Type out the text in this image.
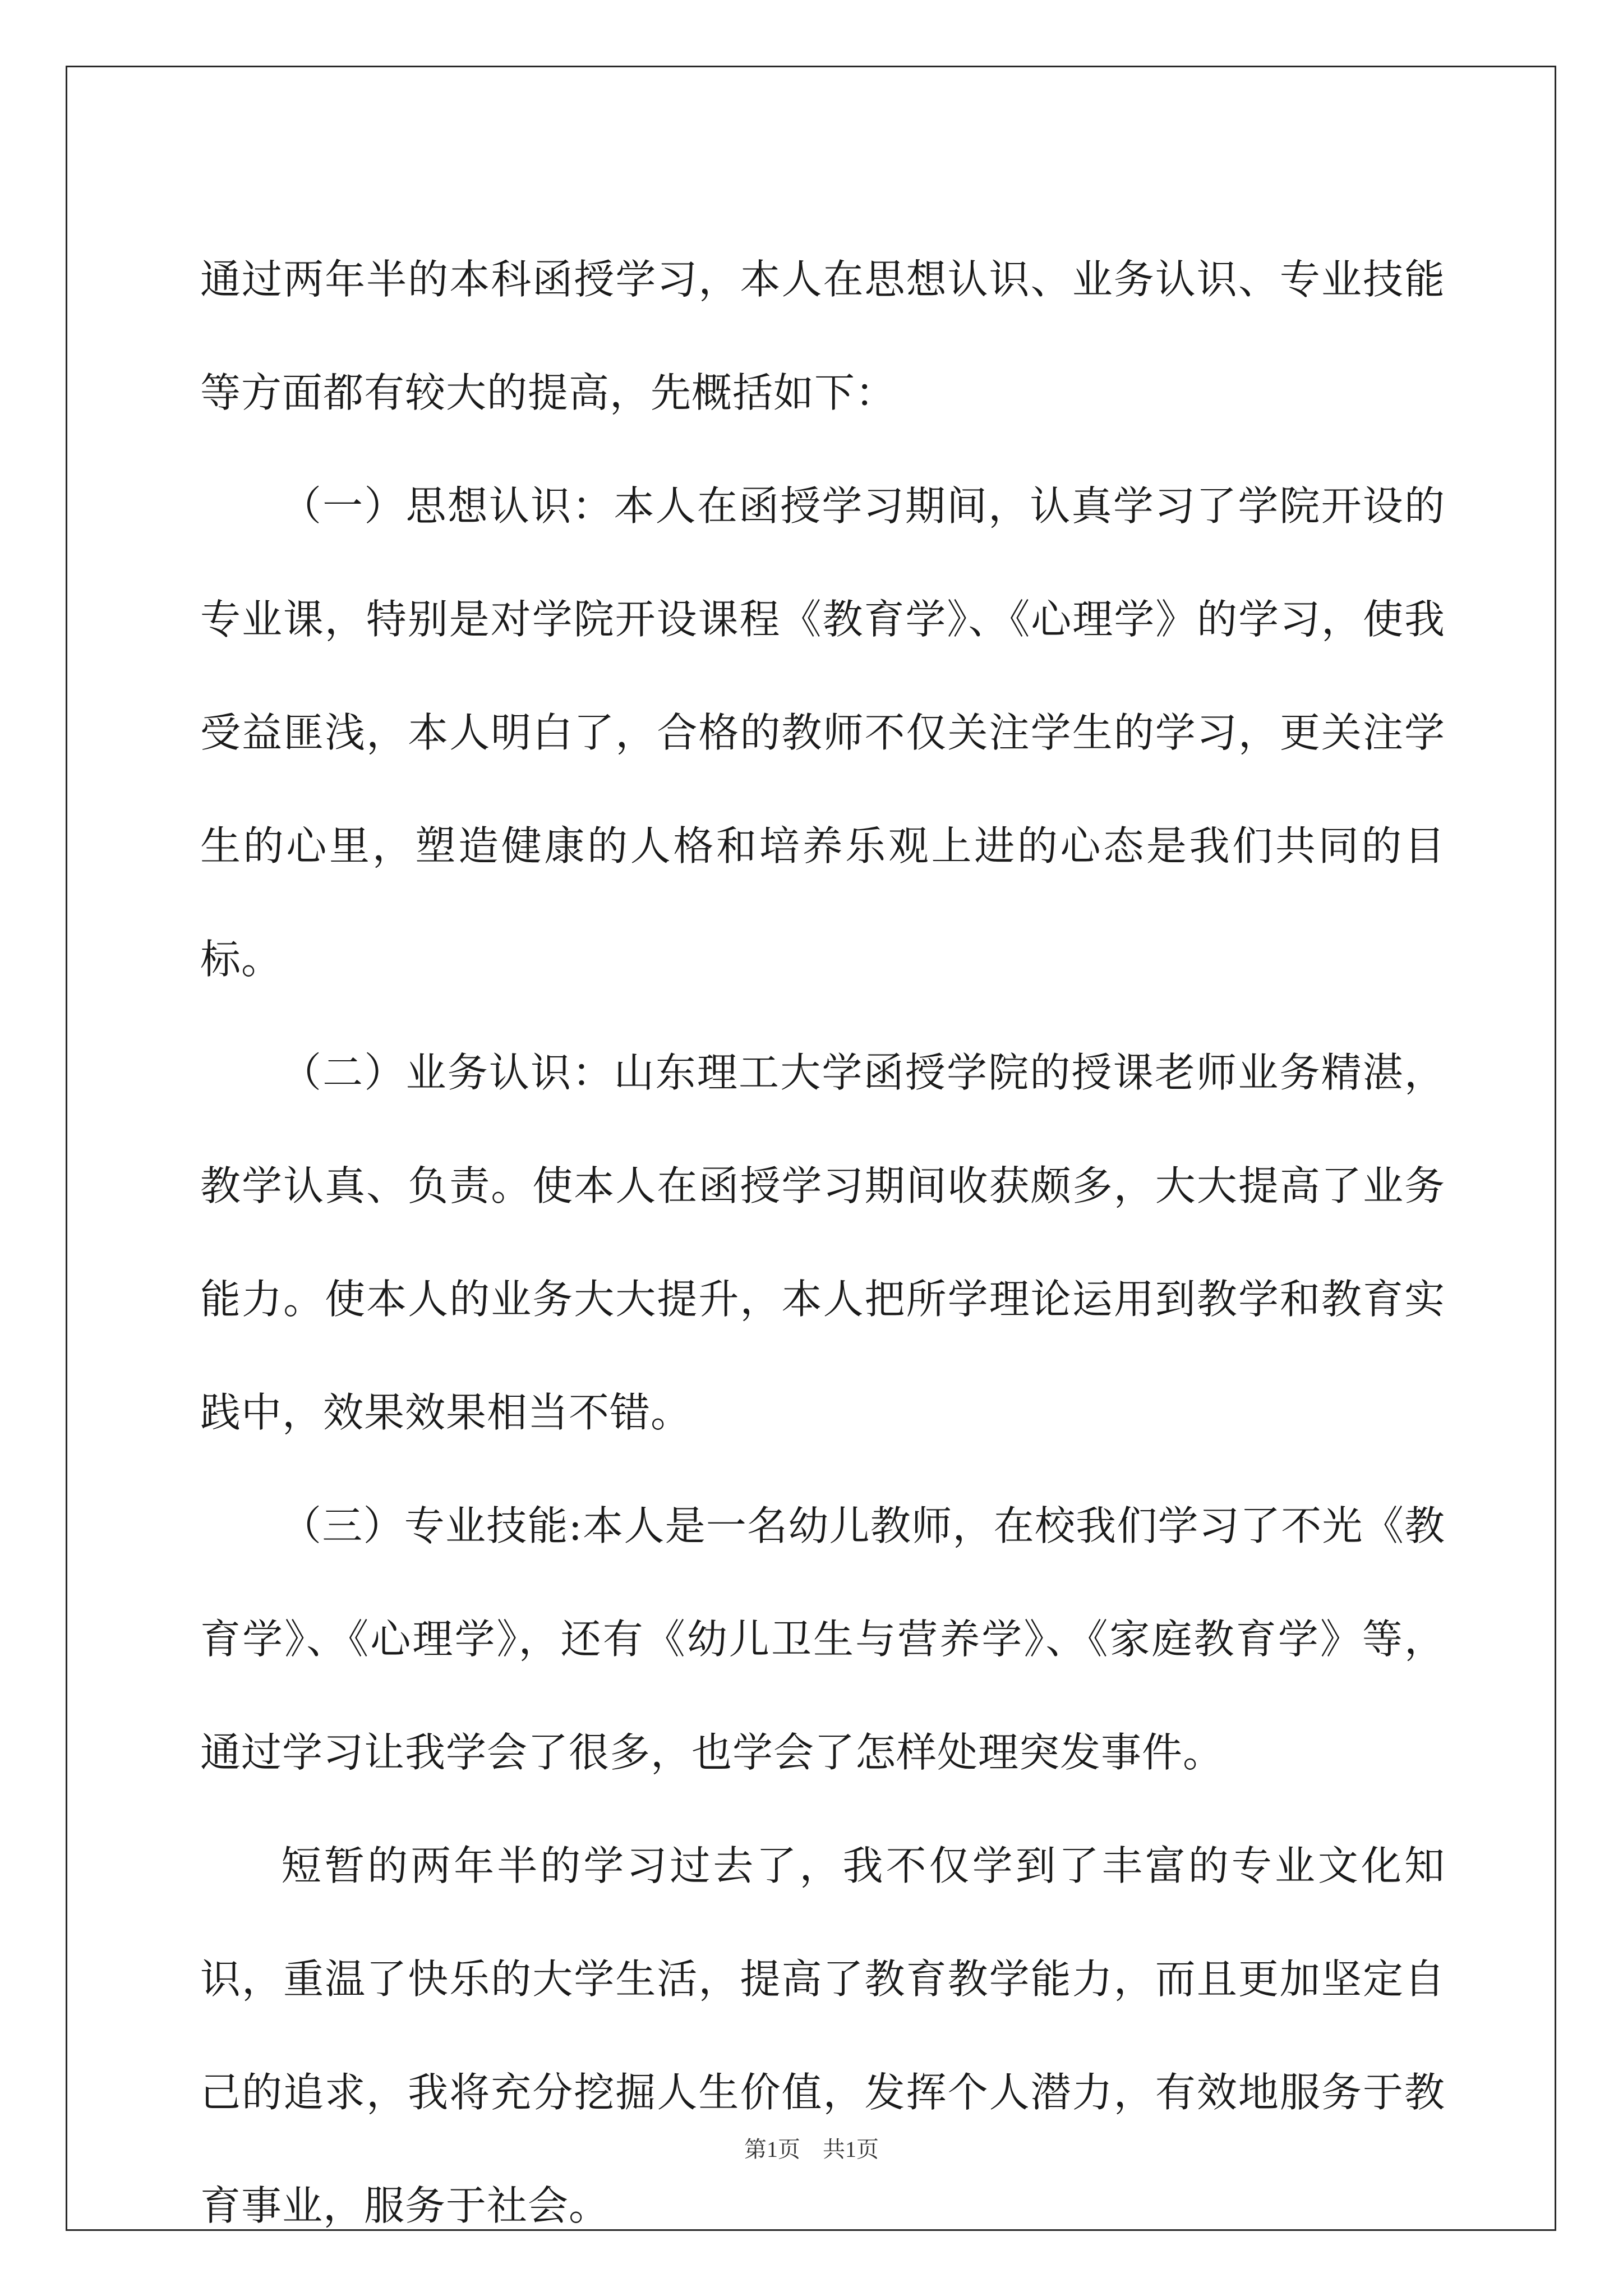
通过两年半的本科函授学习，本人在思想认识、业务认识、专业技能等方面都有较大的提高，先概括如下：

（一）思想认识：本人在函授学习期间，认真学习了学院开设的专业课，特别是对学院开设课程《教育学》、《心理学》的学习，使我受益匪浅，本人明白了，合格的教师不仅关注学生的学习，更关注学生的心里，塑造健康的人格和培养乐观上进的心态是我们共同的目标。

（二）业务认识：山东理工大学函授学院的授课老师业务精湛，教学认真、负责。使本人在函授学习期间收获颇多，大大提高了业务能力。使本人的业务大大提升，本人把所学理论运用到教学和教育实践中，效果效果相当不错。

（三）专业技能:本人是一名幼儿教师，在校我们学习了不光《教育学》、《心理学》，还有《幼儿卫生与营养学》、《家庭教育学》等，通过学习让我学会了很多，也学会了怎样处理突发事件。

短暂的两年半的学习过去了，我不仅学到了丰富的专业文化知识，重温了快乐的大学生活，提高了教育教学能力，而且更加坚定自己的追求，我将充分挖掘人生价值，发挥个人潜力，有效地服务于教育事业，服务于社会。

第1页 共1页
